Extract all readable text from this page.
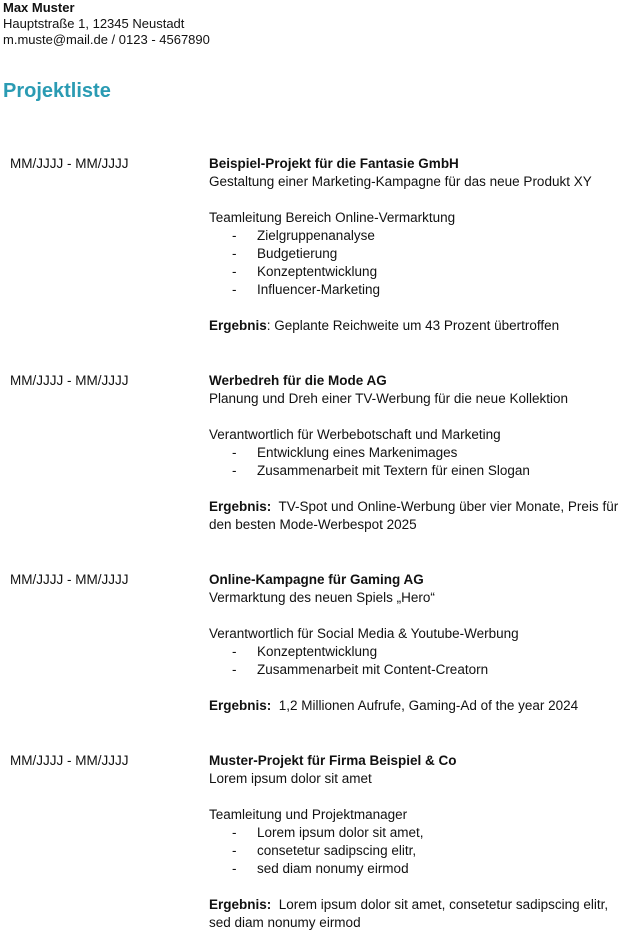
Max Muster
Hauptstraße 1, 12345 Neustadt
m.muste@mail.de / 0123 - 4567890
Projektliste
MM/JJJJ - MM/JJJJ	Beispiel-Projekt für die Fantasie GmbH
Gestaltung einer Marketing-Kampagne für das neue Produkt XY
Teamleitung Bereich Online-Vermarktung
- Zielgruppenanalyse
- Budgetierung
- Konzeptentwicklung
- Influencer-Marketing
Ergebnis: Geplante Reichweite um 43 Prozent übertroffen
MM/JJJJ - MM/JJJJ	Werbedreh für die Mode AG
Planung und Dreh einer TV-Werbung für die neue Kollektion
Verantwortlich für Werbebotschaft und Marketing
- Entwicklung eines Markenimages
- Zusammenarbeit mit Textern für einen Slogan
Ergebnis:  TV-Spot und Online-Werbung über vier Monate, Preis für den besten Mode-Werbespot 2025
MM/JJJJ - MM/JJJJ	Online-Kampagne für Gaming AG
Vermarktung des neuen Spiels „Hero“
Verantwortlich für Social Media & Youtube-Werbung
- Konzeptentwicklung
- Zusammenarbeit mit Content-Creatorn
Ergebnis:  1,2 Millionen Aufrufe, Gaming-Ad of the year 2024
MM/JJJJ - MM/JJJJ	Muster-Projekt für Firma Beispiel & Co
Lorem ipsum dolor sit amet
Teamleitung und Projektmanager
- Lorem ipsum dolor sit amet,
- consetetur sadipscing elitr,
- sed diam nonumy eirmod
Ergebnis:  Lorem ipsum dolor sit amet, consetetur sadipscing elitr, sed diam nonumy eirmod
